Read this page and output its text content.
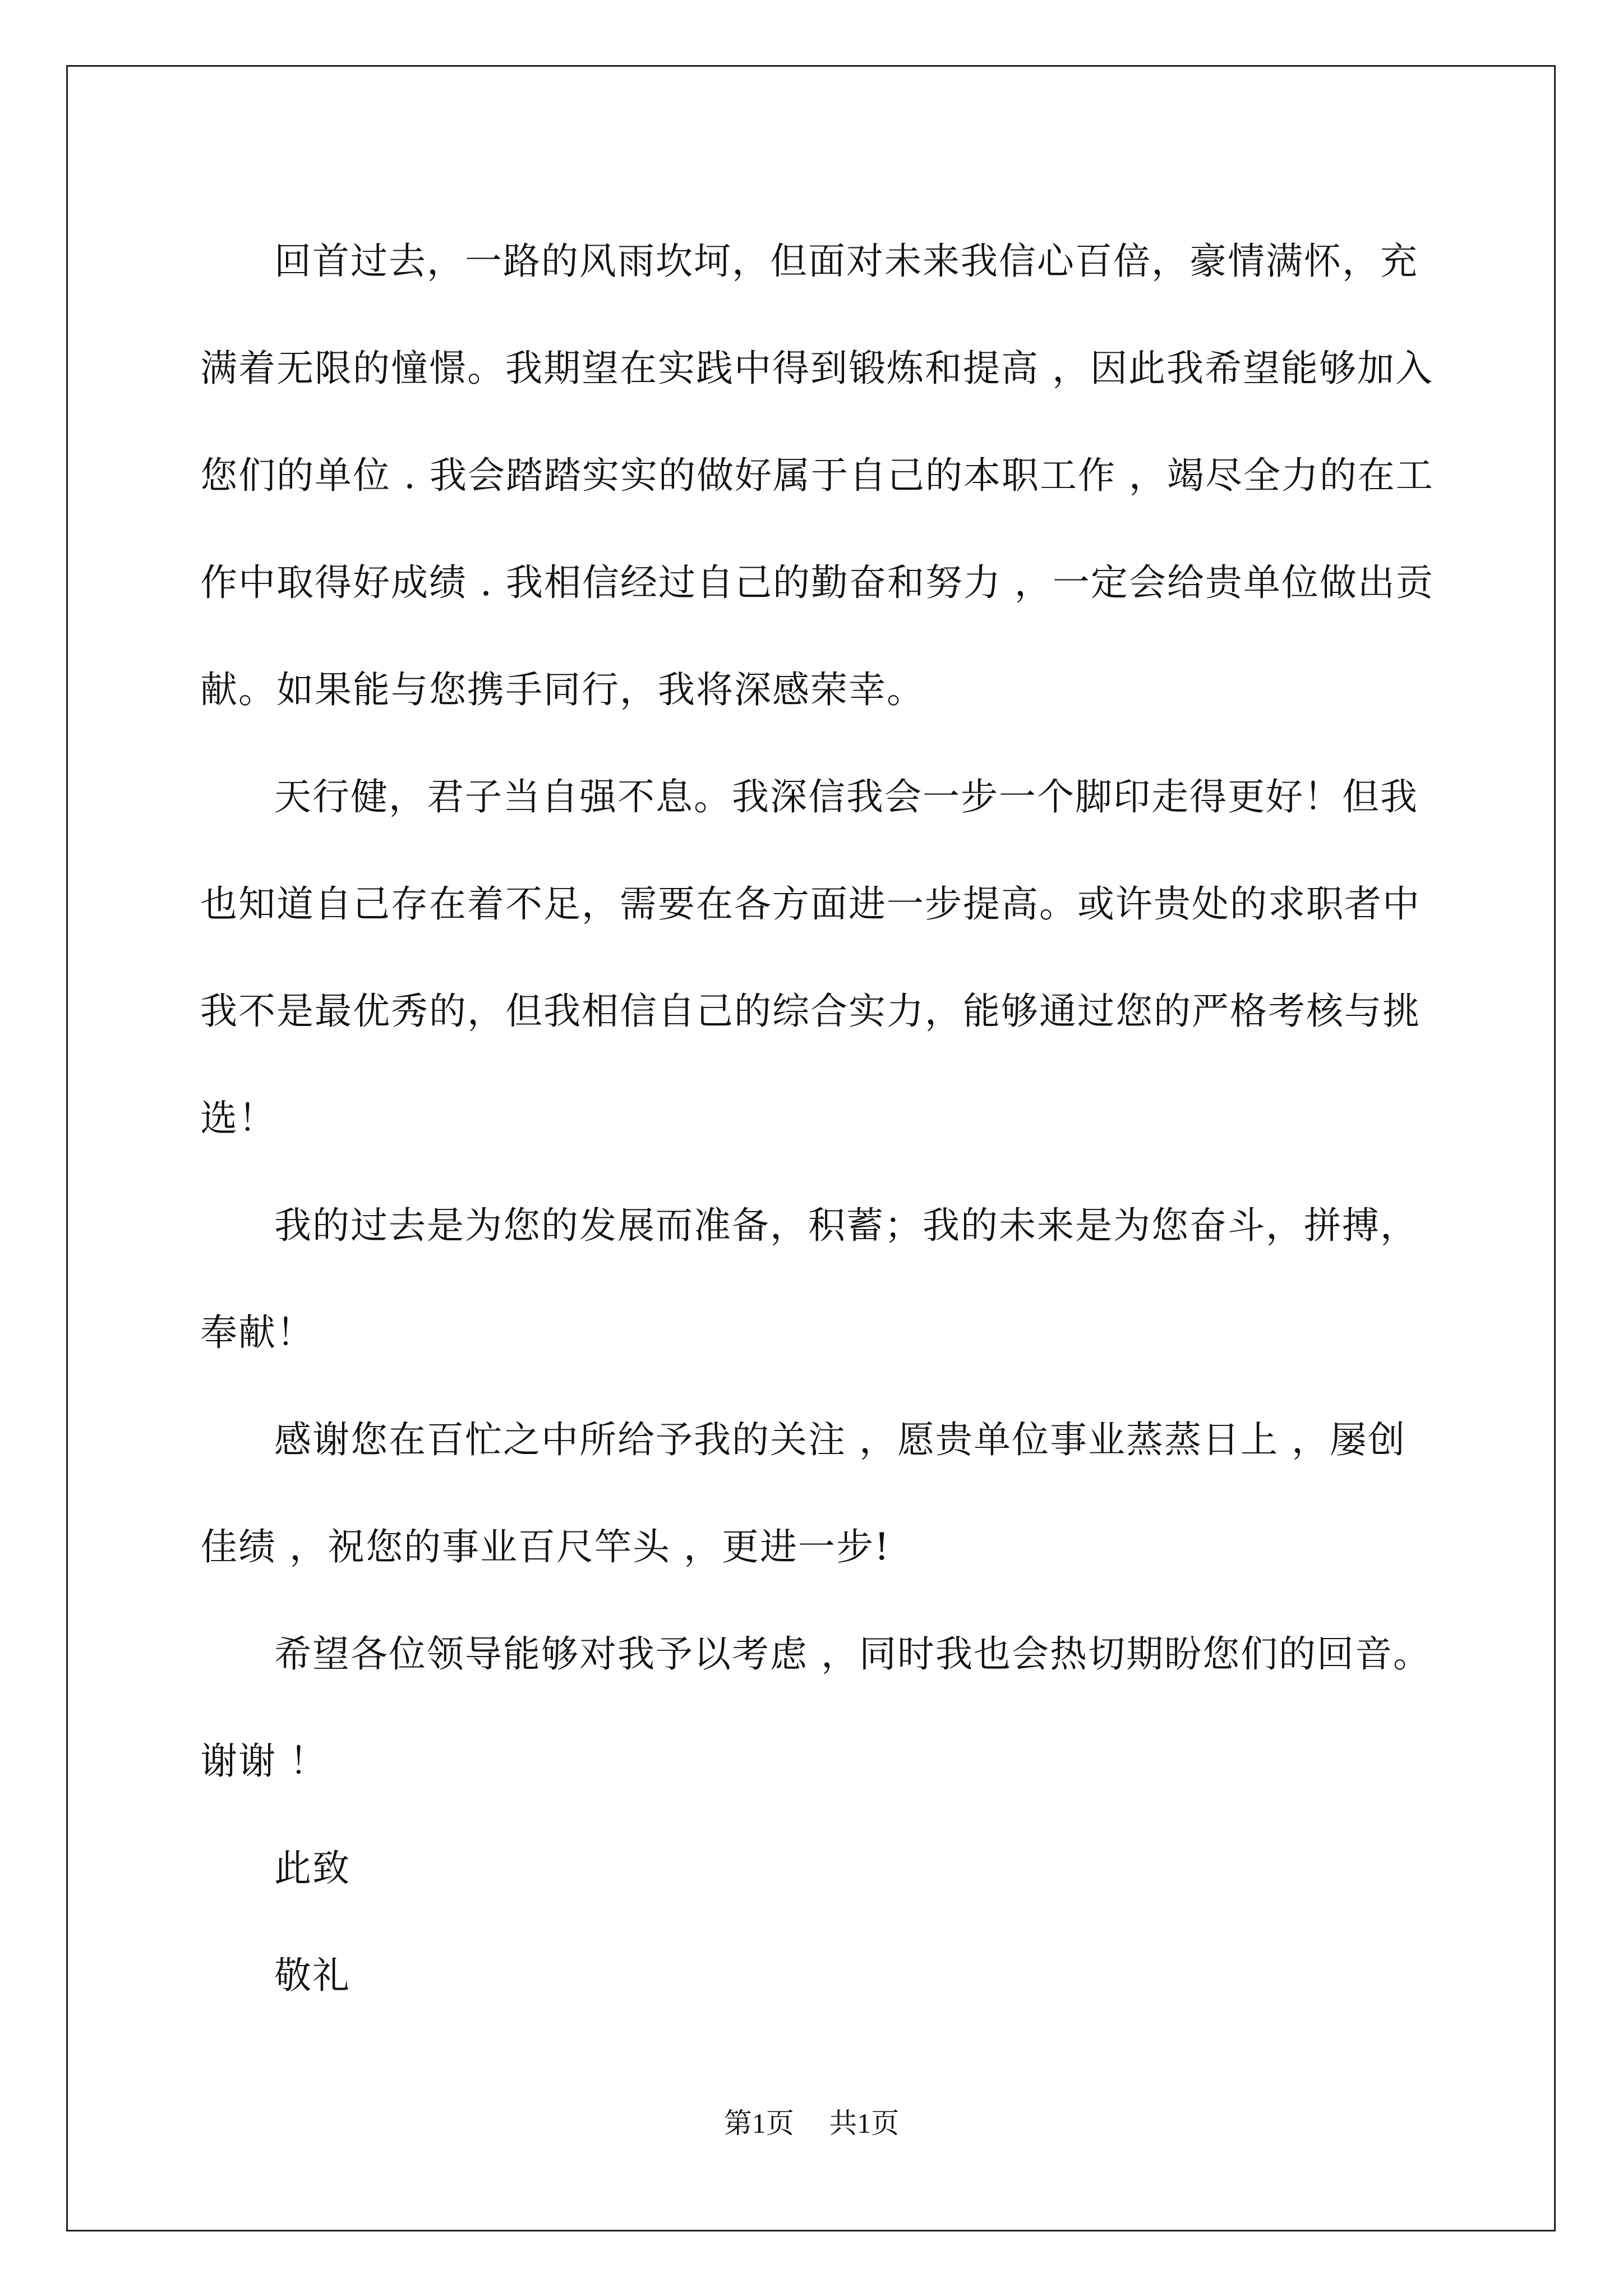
回首过去，一路的风雨坎坷，但面对未来我信心百倍，豪情满怀，充满着无限的憧憬。我期望在实践中得到锻炼和提高 ，因此我希望能够加入您们的单位 . 我会踏踏实实的做好属于自己的本职工作 ，竭尽全力的在工作中取得好成绩 . 我相信经过自己的勤奋和努力 ，一定会给贵单位做出贡献。如果能与您携手同行，我将深感荣幸。

天行健，君子当自强不息。我深信我会一步一个脚印走得更好！但我也知道自己存在着不足，需要在各方面进一步提高。或许贵处的求职者中我不是最优秀的，但我相信自己的综合实力，能够通过您的严格考核与挑选！

我的过去是为您的发展而准备，积蓄；我的未来是为您奋斗，拼搏，奉献！

感谢您在百忙之中所给予我的关注 ，愿贵单位事业蒸蒸日上 ，屡创佳绩 ，祝您的事业百尺竿头 ，更进一步!

希望各位领导能够对我予以考虑 ，同时我也会热切期盼您们的回音。谢谢 ！

此致

敬礼

第1页 共1页
